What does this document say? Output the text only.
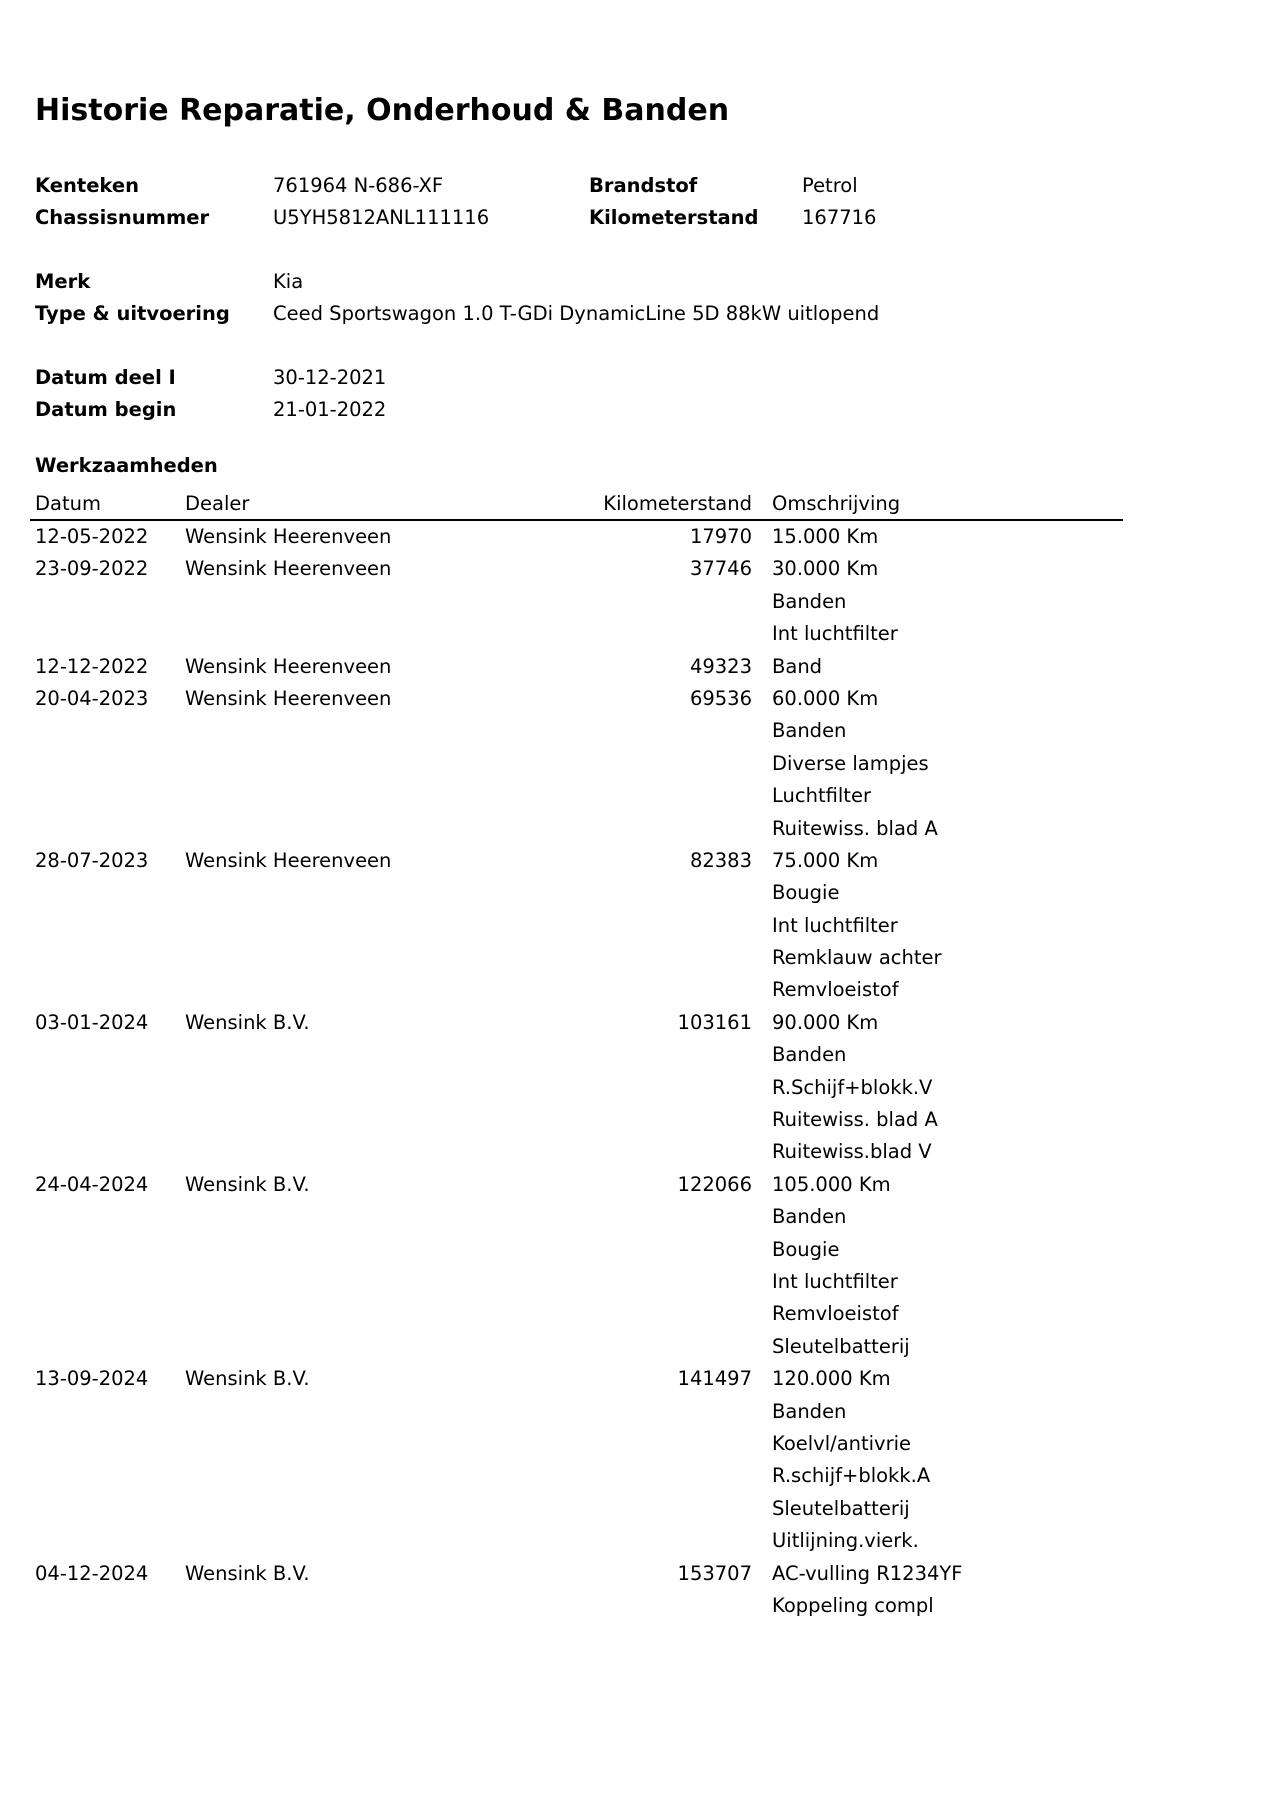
Historie Reparatie, Onderhoud & Banden
Kenteken	761964 N-686-XF	Brandstof	Petrol
Chassisnummer	U5YH5812ANL111116	Kilometerstand 167716
Merk	Kia
Type & uitvoering Ceed Sportswagon 1.0 T-GDi DynamicLine 5D 88kW uitlopend
Datum deel I	30-12-2021
Datum begin	21-01-2022
Werkzaamheden
Datum	Dealer	Kilometerstand Omschrijving
12-05-2022 Wensink Heerenveen	17970 15.000 Km
23-09-2022 Wensink Heerenveen	37746 30.000 Km
Banden
Int luchtfilter
12-12-2022 Wensink Heerenveen	49323 Band
20-04-2023 Wensink Heerenveen	69536 60.000 Km
Banden
Diverse lampjes
Luchtfilter
Ruitewiss. blad A
28-07-2023 Wensink Heerenveen	82383 75.000 Km
Bougie
Int luchtfilter
Remklauw achter
Remvloeistof
03-01-2024 Wensink B.V.	103161 90.000 Km
Banden
R.Schijf+blokk.V
Ruitewiss. blad A
Ruitewiss.blad V
24-04-2024 Wensink B.V.	122066 105.000 Km
Banden
Bougie
Int luchtfilter
Remvloeistof
Sleutelbatterij
13-09-2024 Wensink B.V.	141497 120.000 Km
Banden
Koelvl/antivrie
R.schijf+blokk.A
Sleutelbatterij
Uitlijning.vierk.
04-12-2024 Wensink B.V.	153707 AC-vulling R1234YF
Koppeling compl
